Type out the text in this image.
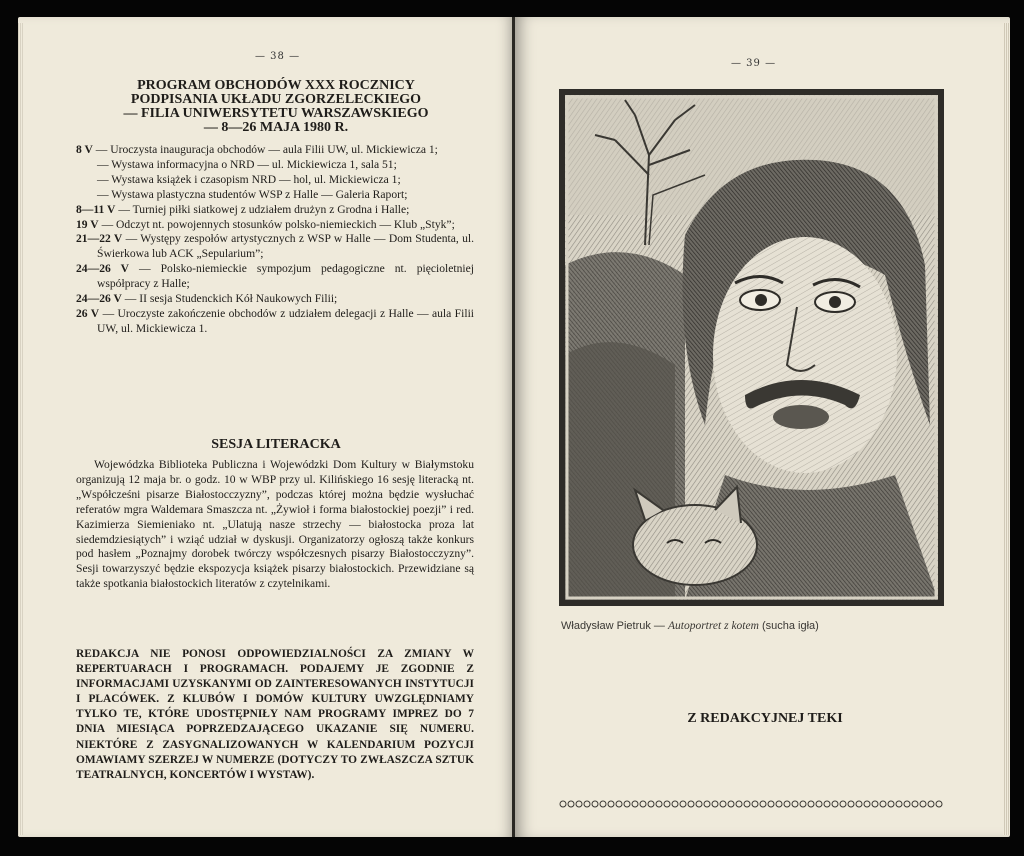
— 38 —
PROGRAM OBCHODÓW XXX ROCZNICY
PODPISANIA UKŁADU ZGORZELECKIEGO
— FILIA UNIWERSYTETU WARSZAWSKIEGO
— 8—26 MAJA 1980 R.
8 V — Uroczysta inauguracja obchodów — aula Filii UW, ul. Mickiewicza 1;
— Wystawa informacyjna o NRD — ul. Mickiewicza 1, sala 51;
— Wystawa książek i czasopism NRD — hol, ul. Mickiewicza 1;
— Wystawa plastyczna studentów WSP z Halle — Galeria Raport;
8—11 V — Turniej piłki siatkowej z udziałem drużyn z Grodna i Halle;
19 V — Odczyt nt. powojennych stosunków polsko-niemieckich — Klub „Styk”;
21—22 V — Występy zespołów artystycznych z WSP w Halle — Dom Studenta, ul. Świerkowa lub ACK „Sepularium”;
24—26 V — Polsko-niemieckie sympozjum pedagogiczne nt. pięcioletniej współpracy z Halle;
24—26 V — II sesja Studenckich Kół Naukowych Filii;
26 V — Uroczyste zakończenie obchodów z udziałem delegacji z Halle — aula Filii UW, ul. Mickiewicza 1.
SESJA LITERACKA
Wojewódzka Biblioteka Publiczna i Wojewódzki Dom Kultury w Białymstoku organizują 12 maja br. o godz. 10 w WBP przy ul. Kilińskiego 16 sesję literacką nt. „Współcześni pisarze Białostocczyzny”, podczas której można będzie wysłuchać referatów mgra Waldemara Smaszcza nt. „Żywioł i forma białostockiej poezji” i red. Kazimierza Siemieniako nt. „Ulatują nasze strzechy — białostocka proza lat siedemdziesiątych” i wziąć udział w dyskusji. Organizatorzy ogłoszą także konkurs pod hasłem „Poznajmy dorobek twórczy współczesnych pisarzy Białostocczyzny”. Sesji towarzyszyć będzie ekspozycja książek pisarzy białostockich. Przewidziane są także spotkania białostockich literatów z czytelnikami.
REDAKCJA NIE PONOSI ODPOWIEDZIALNOŚCI ZA ZMIANY W REPERTUARACH I PROGRAMACH. PODAJEMY JE ZGODNIE Z INFORMACJAMI UZYSKANYMI OD ZAINTERESOWANYCH INSTYTUCJI I PLACÓWEK. Z KLUBÓW I DOMÓW KULTURY UWZGLĘDNIAMY TYLKO TE, KTÓRE UDOSTĘPNIŁY NAM PROGRAMY IMPREZ DO 7 DNIA MIESIĄCA POPRZEDZAJĄCEGO UKAZANIE SIĘ NUMERU. NIEKTÓRE Z ZASYGNALIZOWANYCH W KALENDARIUM POZYCJI OMAWIAMY SZERZEJ W NUMERZE (DOTYCZY TO ZWŁASZCZA SZTUK TEATRALNYCH, KONCERTÓW I WYSTAW).
— 39 —
Władysław Pietruk — Autoportret z kotem (sucha igła)
Z REDAKCYJNEJ TEKI
